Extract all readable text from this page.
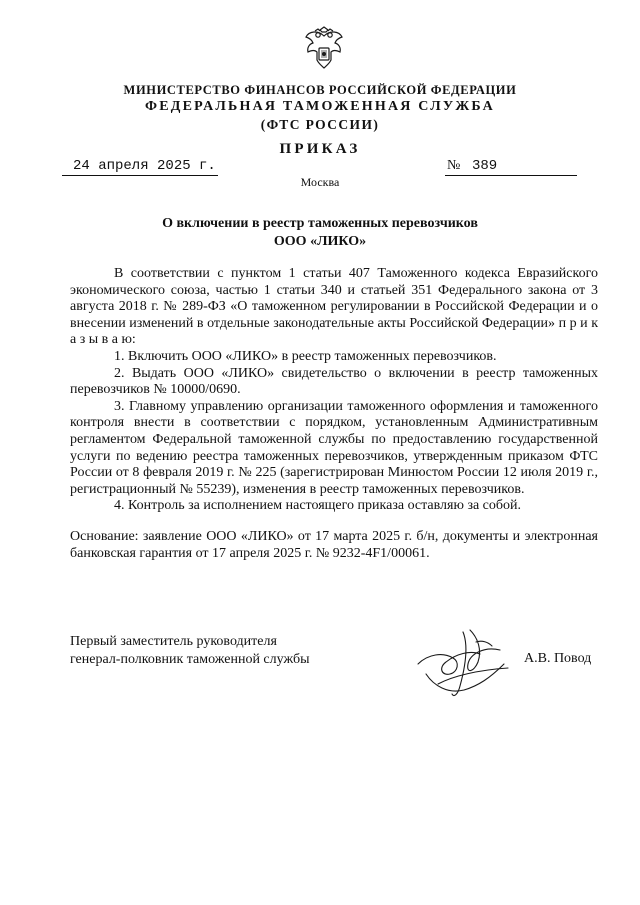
МИНИСТЕРСТВО ФИНАНСОВ РОССИЙСКОЙ ФЕДЕРАЦИИ
ФЕДЕРАЛЬНАЯ ТАМОЖЕННАЯ СЛУЖБА
(ФТС РОССИИ)
ПРИКАЗ
24 апреля 2025 г.	№ 389
Москва
О включении в реестр таможенных перевозчиков
ООО «ЛИКО»

В соответствии с пунктом 1 статьи 407 Таможенного кодекса Евразийского экономического союза, частью 1 статьи 340 и статьей 351 Федерального закона от 3 августа 2018 г. № 289-ФЗ «О таможенном регулировании в Российской Федерации и о внесении изменений в отдельные законодательные акты Российской Федерации» п р и к а з ы в а ю:

1. Включить ООО «ЛИКО» в реестр таможенных перевозчиков.

2. Выдать ООО «ЛИКО» свидетельство о включении в реестр таможенных перевозчиков № 10000/0690.

3. Главному управлению организации таможенного оформления и таможенного контроля внести в соответствии с порядком, установленным Административным регламентом Федеральной таможенной службы по предоставлению государственной услуги по ведению реестра таможенных перевозчиков, утвержденным приказом ФТС России от 8 февраля 2019 г. № 225 (зарегистрирован Минюстом России 12 июля 2019 г., регистрационный № 55239), изменения в реестр таможенных перевозчиков.

4. Контроль за исполнением настоящего приказа оставляю за собой.

Основание: заявление ООО «ЛИКО» от 17 марта 2025 г. б/н, документы и электронная банковская гарантия от 17 апреля 2025 г. № 9232-4F1/00061.

Первый заместитель руководителя
генерал-полковник таможенной службы	А.В. Повод
